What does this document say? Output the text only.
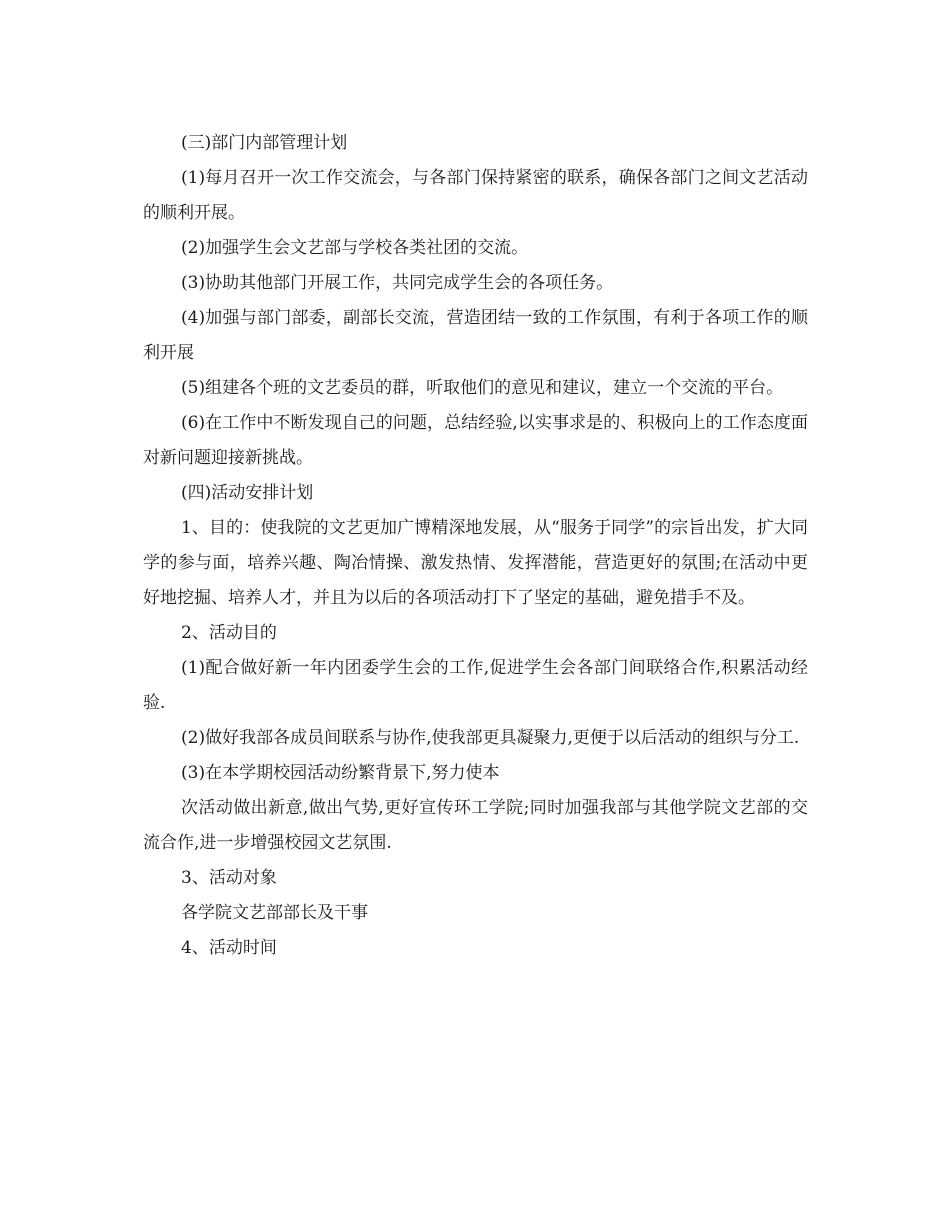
(三)部门内部管理计划

(1)每月召开一次工作交流会，与各部门保持紧密的联系，确保各部门之间文艺活动的顺利开展。

(2)加强学生会文艺部与学校各类社团的交流。

(3)协助其他部门开展工作，共同完成学生会的各项任务。

(4)加强与部门部委，副部长交流，营造团结一致的工作氛围，有利于各项工作的顺利开展

(5)组建各个班的文艺委员的群，听取他们的意见和建议，建立一个交流的平台。

(6)在工作中不断发现自己的问题，总结经验,以实事求是的、积极向上的工作态度面对新问题迎接新挑战。

(四)活动安排计划

1、目的：使我院的文艺更加广博精深地发展，从“服务于同学”的宗旨出发，扩大同学的参与面，培养兴趣、陶冶情操、激发热情、发挥潜能，营造更好的氛围;在活动中更好地挖掘、培养人才，并且为以后的各项活动打下了坚定的基础，避免措手不及。

2、活动目的

(1)配合做好新一年内团委学生会的工作,促进学生会各部门间联络合作,积累活动经验.

(2)做好我部各成员间联系与协作,使我部更具凝聚力,更便于以后活动的组织与分工.

(3)在本学期校园活动纷繁背景下,努力使本

次活动做出新意,做出气势,更好宣传环工学院;同时加强我部与其他学院文艺部的交流合作,进一步增强校园文艺氛围.

3、活动对象

各学院文艺部部长及干事

4、活动时间
